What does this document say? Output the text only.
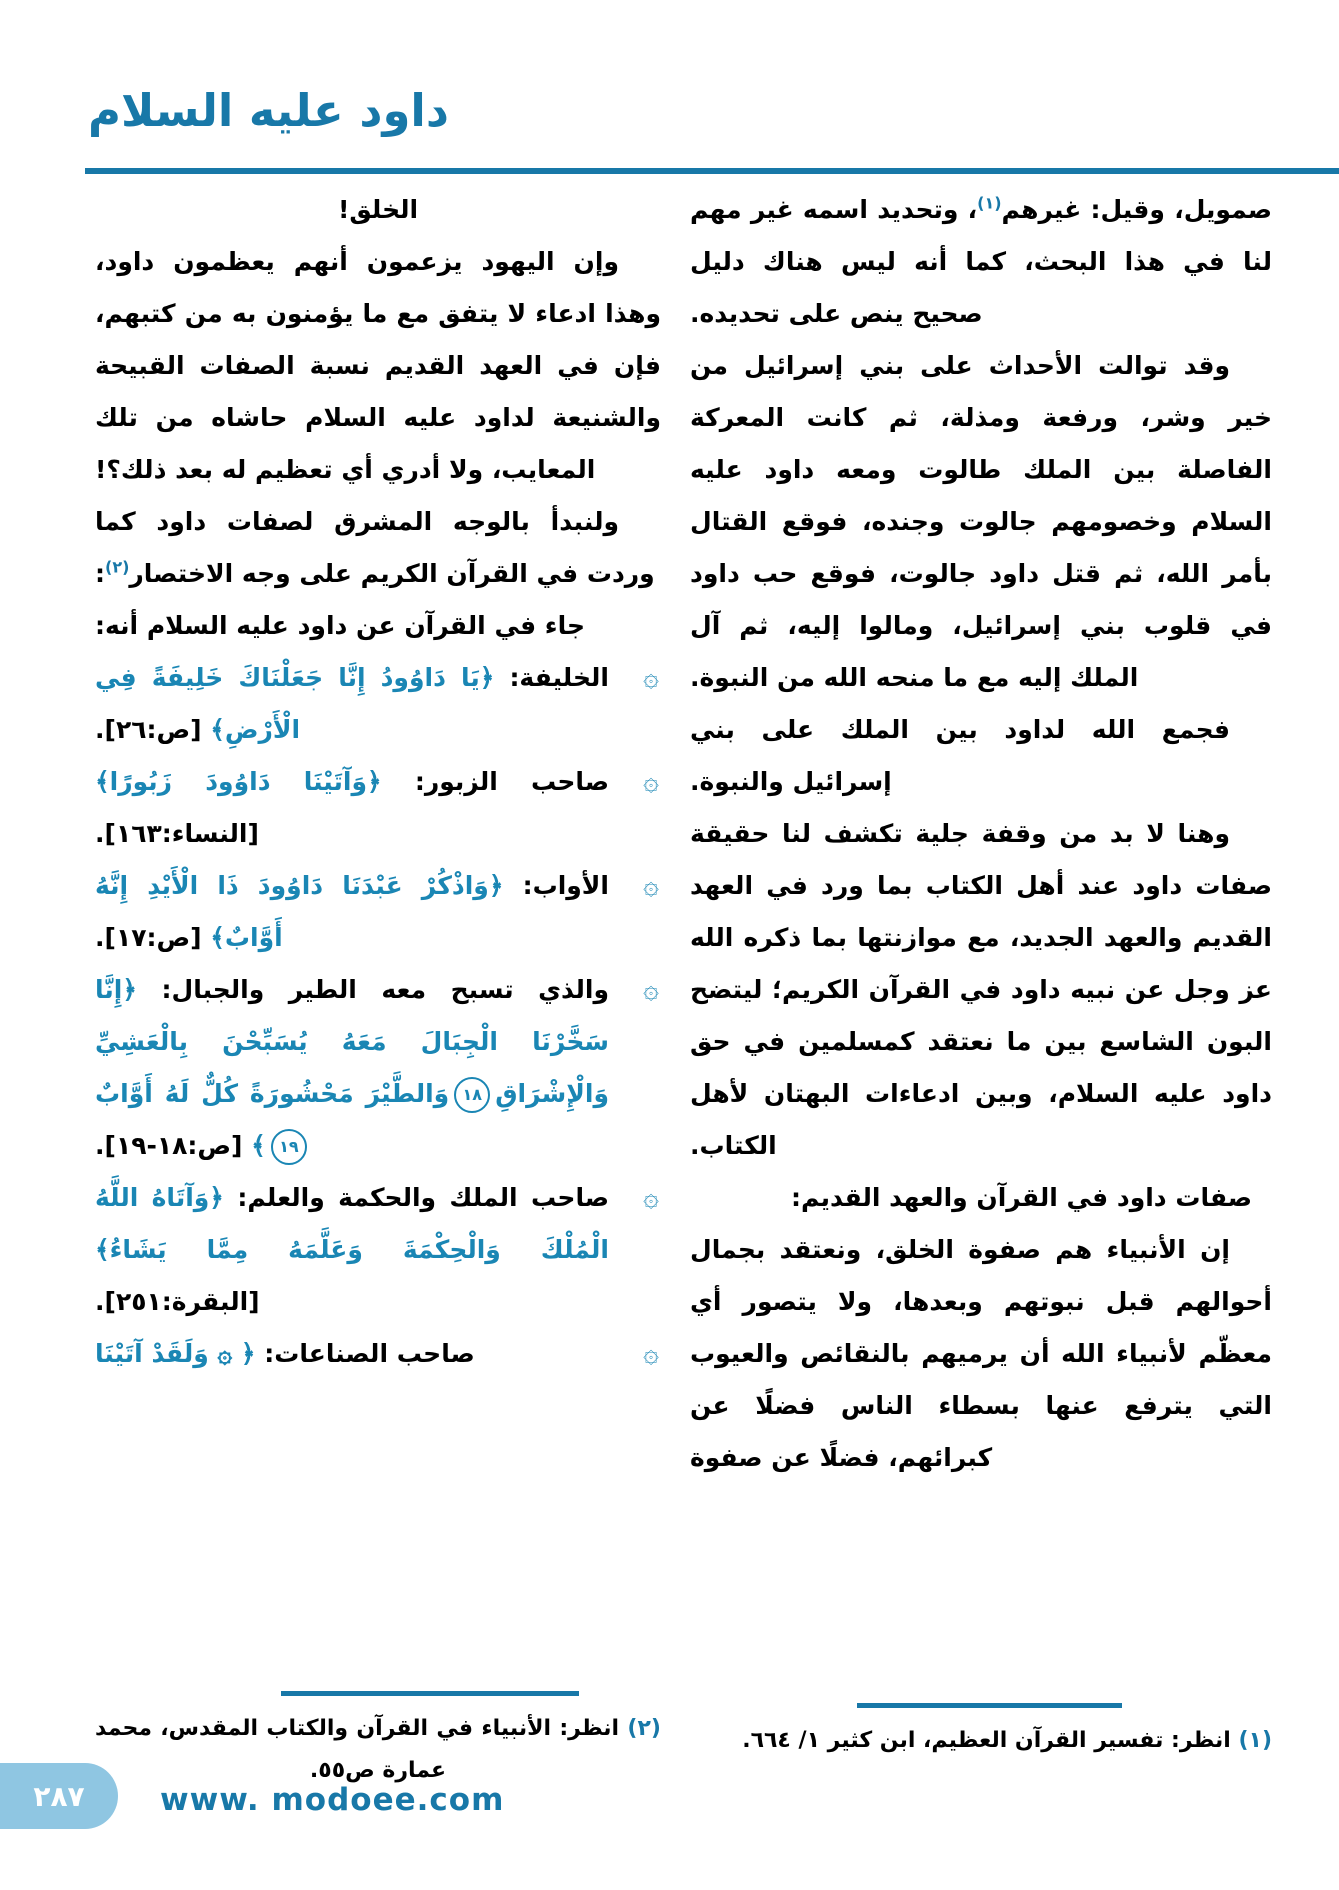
داود عليه السلام

صمويل، وقيل: غيرهم$^{(١)}$، وتحديد اسمه غير مهم لنا في هذا البحث، كما أنه ليس هناك دليل صحيح ينص على تحديده.

وقد توالت الأحداث على بني إسرائيل من خير وشر، ورفعة ومذلة، ثم كانت المعركة الفاصلة بين الملك طالوت ومعه داود عليه السلام وخصومهم جالوت وجنده، فوقع القتال بأمر الله، ثم قتل داود جالوت، فوقع حب داود في قلوب بني إسرائيل، ومالوا إليه، ثم آل الملك إليه مع ما منحه الله من النبوة.

فجمع الله لداود بين الملك على بني إسرائيل والنبوة.

وهنا لا بد من وقفة جلية تكشف لنا حقيقة صفات داود عند أهل الكتاب بما ورد في العهد القديم والعهد الجديد، مع موازنتها بما ذكره الله عز وجل عن نبيه داود في القرآن الكريم؛ ليتضح البون الشاسع بين ما نعتقد كمسلمين في حق داود عليه السلام، وبين ادعاءات البهتان لأهل الكتاب.

صفات داود في القرآن والعهد القديم:

إن الأنبياء هم صفوة الخلق، ونعتقد بجمال أحوالهم قبل نبوتهم وبعدها، ولا يتصور أي معظّم لأنبياء الله أن يرميهم بالنقائص والعيوب التي يترفع عنها بسطاء الناس فضلًا عن كبرائهم، فضلًا عن صفوة

(١) انظر: تفسير القرآن العظيم، ابن كثير ١/ ٦٦٤.

الخلق!

وإن اليهود يزعمون أنهم يعظمون داود، وهذا ادعاء لا يتفق مع ما يؤمنون به من كتبهم، فإن في العهد القديم نسبة الصفات القبيحة والشنيعة لداود عليه السلام حاشاه من تلك المعايب، ولا أدري أي تعظيم له بعد ذلك؟!

ولنبدأ بالوجه المشرق لصفات داود كما وردت في القرآن الكريم على وجه الاختصار$^{(٢)}$:

جاء في القرآن عن داود عليه السلام أنه:

۞
الخليفة: ﴿يَا دَاوُودُ إِنَّا جَعَلْنَاكَ خَلِيفَةً فِي الْأَرْضِ﴾ [ص:٢٦].
۞
صاحب الزبور: ﴿وَآتَيْنَا دَاوُودَ زَبُورًا﴾ [النساء:١٦٣].
۞
الأواب: ﴿وَاذْكُرْ عَبْدَنَا دَاوُودَ ذَا الْأَيْدِ إِنَّهُ أَوَّابٌ﴾ [ص:١٧].
۞
والذي تسبح معه الطير والجبال: ﴿إِنَّا سَخَّرْنَا الْجِبَالَ مَعَهُ يُسَبِّحْنَ بِالْعَشِيِّ وَالْإِشْرَاقِ١٨وَالطَّيْرَ مَحْشُورَةً كُلٌّ لَهُ أَوَّابٌ١٩﴾ [ص:١٨-١٩].
۞
صاحب الملك والحكمة والعلم: ﴿وَآتَاهُ اللَّهُ الْمُلْكَ وَالْحِكْمَةَ وَعَلَّمَهُ مِمَّا يَشَاءُ﴾ [البقرة:٢٥١].
۞
صاحب الصناعات: ﴿ ۞ وَلَقَدْ آتَيْنَا

(٢) انظر: الأنبياء في القرآن والكتاب المقدس، محمد عمارة ص٥٥.

٢٨٧ www. modoee.com
